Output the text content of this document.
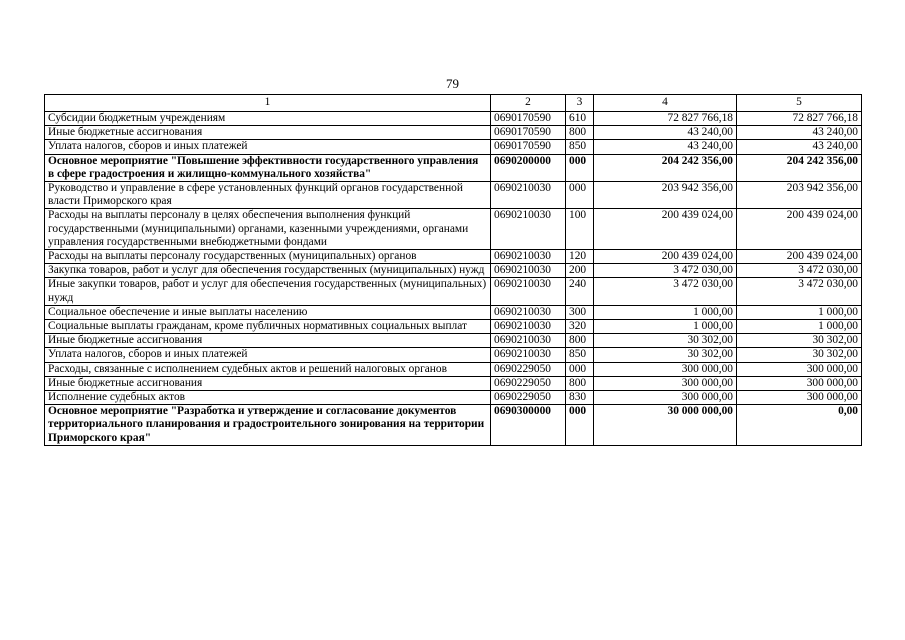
79
1	2	3	4	5
Субсидии бюджетным учреждениям	0690170590	610	72 827 766,18	72 827 766,18
Иные бюджетные ассигнования	0690170590	800	43 240,00	43 240,00
Уплата налогов, сборов и иных платежей	0690170590	850	43 240,00	43 240,00
Основное мероприятие "Повышение эффективности государственного управления в сфере градостроения и жилищно-коммунального хозяйства"	0690200000	000	204 242 356,00	204 242 356,00
Руководство и управление в сфере установленных функций органов государственной власти Приморского края	0690210030	000	203 942 356,00	203 942 356,00
Расходы на выплаты персоналу в целях обеспечения выполнения функций государственными (муниципальными) органами, казенными учреждениями, органами управления государственными внебюджетными фондами	0690210030	100	200 439 024,00	200 439 024,00
Расходы на выплаты персоналу государственных (муниципальных) органов	0690210030	120	200 439 024,00	200 439 024,00
Закупка товаров, работ и услуг для обеспечения государственных (муниципальных) нужд	0690210030	200	3 472 030,00	3 472 030,00
Иные закупки товаров, работ и услуг для обеспечения государственных (муниципальных) нужд	0690210030	240	3 472 030,00	3 472 030,00
Социальное обеспечение и иные выплаты населению	0690210030	300	1 000,00	1 000,00
Социальные выплаты гражданам, кроме публичных нормативных социальных выплат	0690210030	320	1 000,00	1 000,00
Иные бюджетные ассигнования	0690210030	800	30 302,00	30 302,00
Уплата налогов, сборов и иных платежей	0690210030	850	30 302,00	30 302,00
Расходы, связанные с исполнением судебных актов и решений налоговых органов	0690229050	000	300 000,00	300 000,00
Иные бюджетные ассигнования	0690229050	800	300 000,00	300 000,00
Исполнение судебных актов	0690229050	830	300 000,00	300 000,00
Основное мероприятие "Разработка и утверждение и согласование документов территориального планирования и градостроительного зонирования на территории Приморского края"	0690300000	000	30 000 000,00	0,00
